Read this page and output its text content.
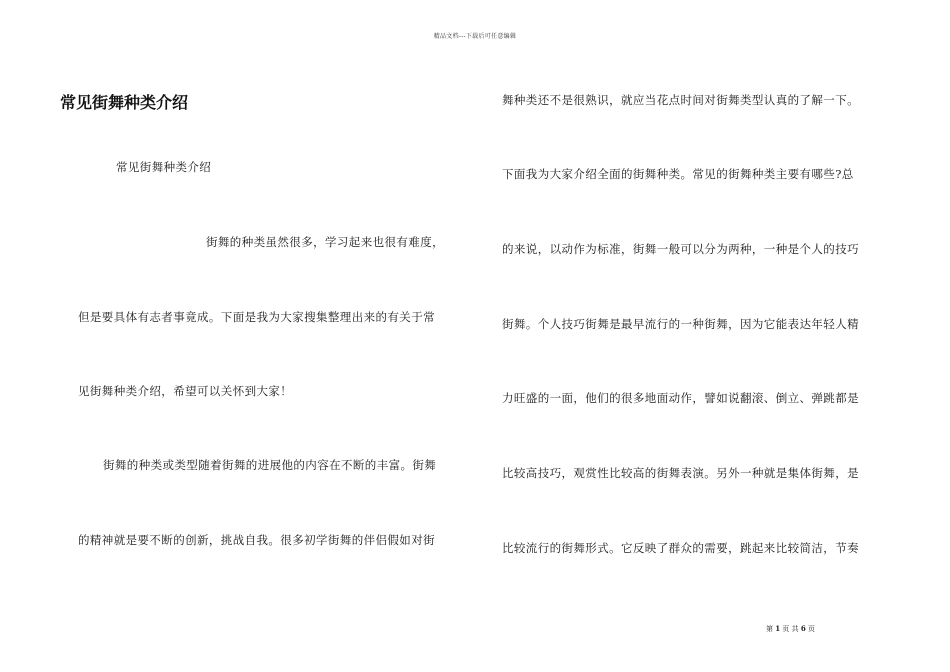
精品文档---下载后可任意编辑
常见街舞种类介绍
常见街舞种类介绍
街舞的种类虽然很多，学习起来也很有难度，
但是要具体有志者事竟成。下面是我为大家搜集整理出来的有关于常
见街舞种类介绍，希望可以关怀到大家！
街舞的种类或类型随着街舞的进展他的内容在不断的丰富。街舞
的精神就是要不断的创新，挑战自我。很多初学街舞的伴侣假如对街
舞种类还不是很熟识，就应当花点时间对街舞类型认真的了解一下。
下面我为大家介绍全面的街舞种类。常见的街舞种类主要有哪些?总
的来说，以动作为标准，街舞一般可以分为两种，一种是个人的技巧
街舞。个人技巧街舞是最早流行的一种街舞，因为它能表达年轻人精
力旺盛的一面，他们的很多地面动作，譬如说翻滚、倒立、弹跳都是
比较高技巧，观赏性比较高的街舞表演。另外一种就是集体街舞，是
比较流行的街舞形式。它反映了群众的需要，跳起来比较简洁，节奏
第 1 页 共 6 页
